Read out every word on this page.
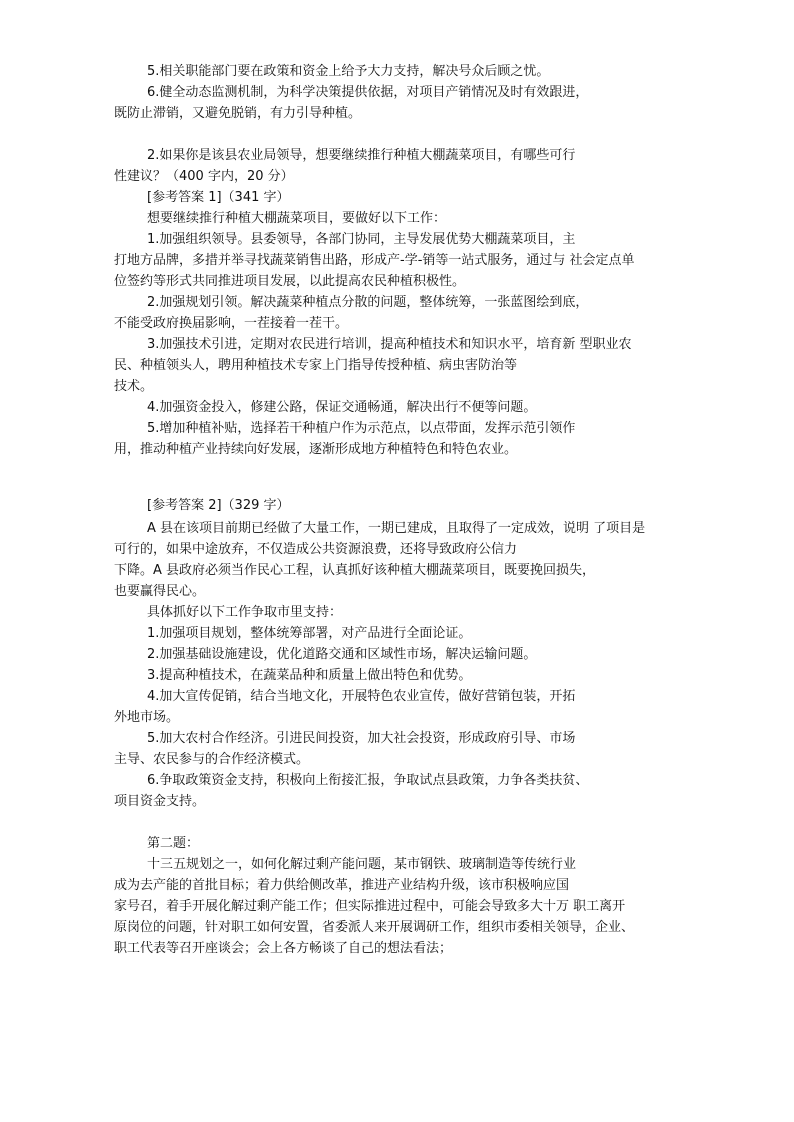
5.相关职能部门要在政策和资金上给予大力支持，解决号众后顾之忧。
6.健全动态监测机制，为科学决策提供依据，对项目产销情况及时有效跟进，
既防止滞销，又避免脱销，有力引导种植。
2.如果你是该县农业局领导，想要继续推行种植大棚蔬菜项目，有哪些可行
性建议？（400 字内，20 分）
[参考答案 1]（341 字）
想要继续推行种植大棚蔬菜项目，要做好以下工作：
1.加强组织领导。县委领导，各部门协同，主导发展优势大棚蔬菜项目，主
打地方品牌，多措并举寻找蔬菜销售出路，形成产-学-销等一站式服务，通过与 社会定点单
位签约等形式共同推进项目发展，以此提高农民种植积极性。
2.加强规划引领。解决蔬菜种植点分散的问题，整体统筹，一张蓝图绘到底，
不能受政府换届影响，一茬接着一茬干。
3.加强技术引进，定期对农民进行培训，提高种植技术和知识水平，培育新 型职业农
民、种植领头人，聘用种植技术专家上门指导传授种植、病虫害防治等
技术。
4.加强资金投入，修建公路，保证交通畅通，解决出行不便等问题。
5.增加种植补贴，选择若干种植户作为示范点，以点带面，发挥示范引领作
用，推动种植产业持续向好发展，逐渐形成地方种植特色和特色农业。
[参考答案 2]（329 字）
A 县在该项目前期已经做了大量工作，一期已建成，且取得了一定成效，说明 了项目是
可行的，如果中途放弃，不仅造成公共资源浪费，还将导致政府公信力
下降。A 县政府必须当作民心工程，认真抓好该种植大棚蔬菜项目，既要挽回损失，
也要赢得民心。
具体抓好以下工作争取市里支持：
1.加强项目规划，整体统筹部署，对产品进行全面论证。
2.加强基础设施建设，优化道路交通和区域性市场，解决运输问题。
3.提高种植技术，在蔬菜品种和质量上做出特色和优势。
4.加大宣传促销，结合当地文化，开展特色农业宣传，做好营销包装，开拓
外地市场。
5.加大农村合作经济。引进民间投资，加大社会投资，形成政府引导、市场
主导、农民参与的合作经济模式。
6.争取政策资金支持，积极向上衔接汇报，争取试点县政策，力争各类扶贫、
项目资金支持。
第二题：
十三五规划之一，如何化解过剩产能问题，某市钢铁、玻璃制造等传统行业
成为去产能的首批目标；着力供给侧改革，推进产业结构升级，该市积极响应国
家号召，着手开展化解过剩产能工作；但实际推进过程中，可能会导致多大十万 职工离开
原岗位的问题，针对职工如何安置，省委派人来开展调研工作，组织市委相关领导，企业、
职工代表等召开座谈会；会上各方畅谈了自己的想法看法；
